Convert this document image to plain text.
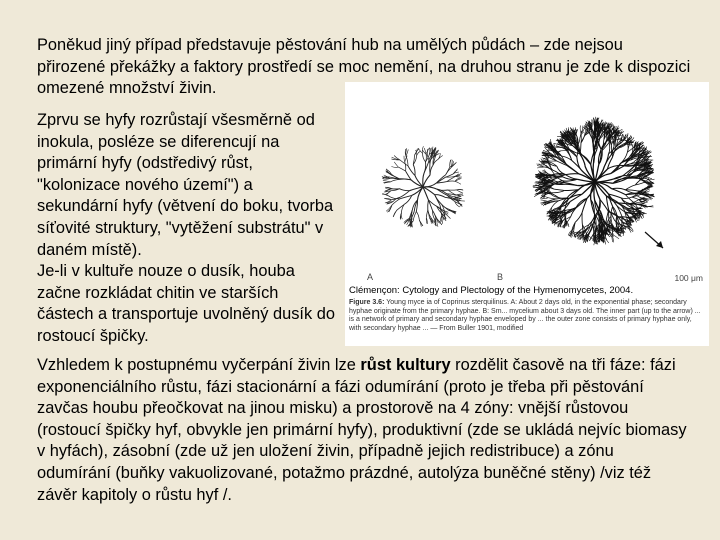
Poněkud jiný případ představuje pěstování hub na umělých půdách – zde nejsou přirozené překážky a faktory prostředí se moc nemění, na druhou stranu je zde k dispozici omezené množství živin.

Zprvu se hyfy rozrůstají všesměrně od inokula, posléze se diferencují na primární hyfy (odstředivý růst, "kolonizace nového území") a sekundární hyfy (větvení do boku, tvorba síťovité struktury, "vytěžení substrátu" v daném místě).
Je-li v kultuře nouze o dusík, houba začne rozkládat chitin ve starších částech a transportuje uvolněný dusík do rostoucí špičky.

A	B	100 μm
Clémençon: Cytology and Plectology of the Hymenomycetes, 2004.
Figure 3.6: Young myce ia of Coprinus sterquilinus. A: About 2 days old, in the exponential phase; secondary hyphae originate from the primary hyphae. B: Sm... mycelium about 3 days old. The inner part (up to the arrow) ... is a network of primary and secondary hyphae enveloped by ... the outer zone consists of primary hyphae only, with secondary hyphae ... — From Buller 1901, modified

Vzhledem k postupnému vyčerpání živin lze růst kultury rozdělit časově na tři fáze: fázi exponenciálního růstu, fázi stacionární a fázi odumírání (proto je třeba při pěstování zavčas houbu přeočkovat na jinou misku) a prostorově na 4 zóny: vnější růstovou (rostoucí špičky hyf, obvykle jen primární hyfy), produktivní (zde se ukládá nejvíc biomasy v hyfách), zásobní (zde už jen uložení živin, případně jejich redistribuce) a zónu odumírání (buňky vakuolizované, potažmo prázdné, autolýza buněčné stěny) /viz též závěr kapitoly o růstu hyf /.
